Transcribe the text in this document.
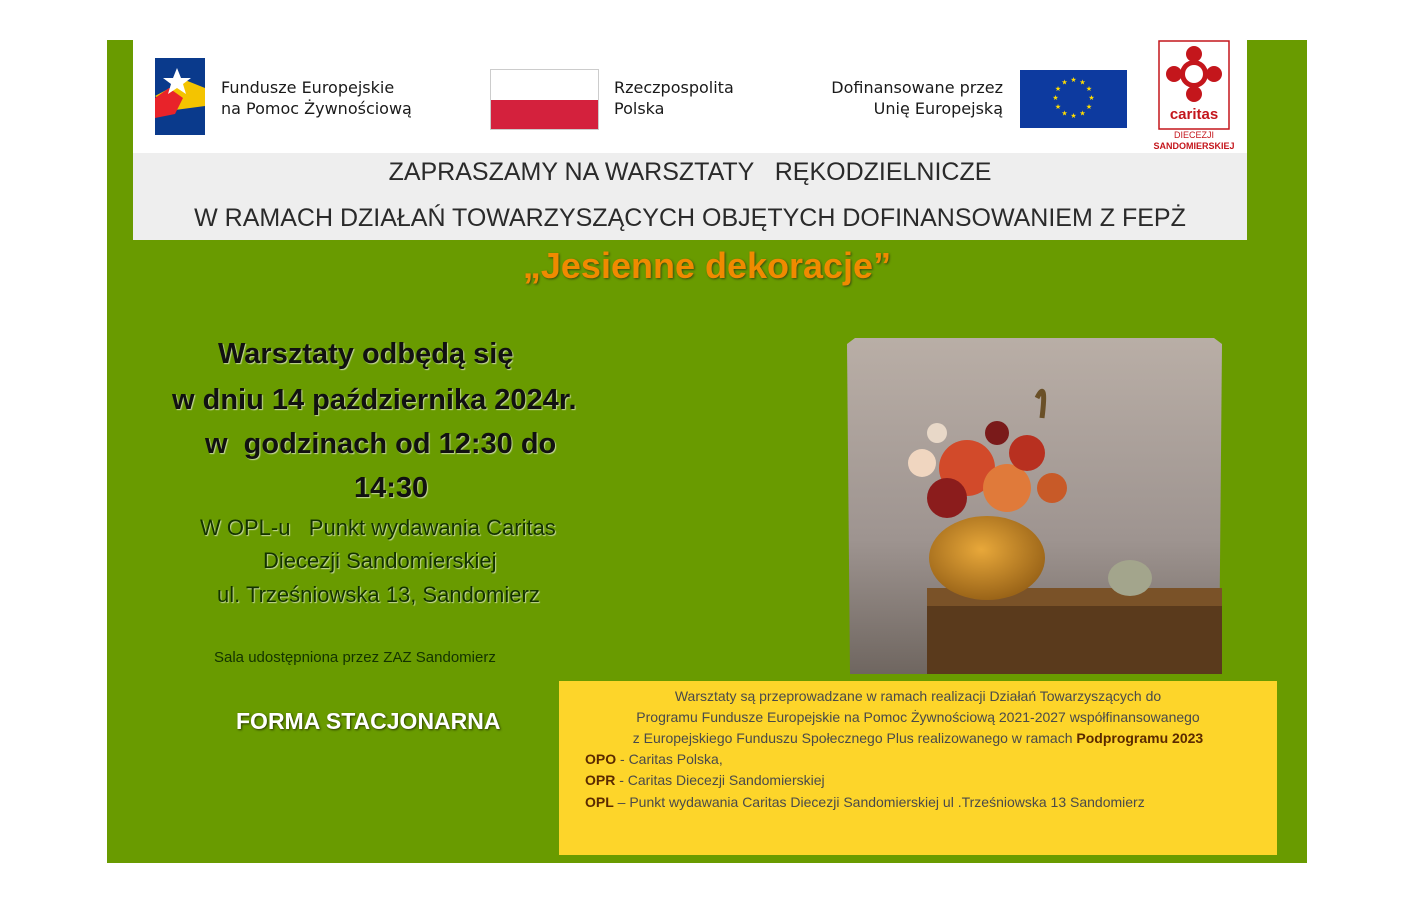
Fundusze Europejskie
na Pomoc Żywnościową
Rzeczpospolita
Polska
Dofinansowane przez
Unię Europejską
★ ★
★
★
★
★
★
★
★
★
★
★
caritas
DIECEZJI
SANDOMIERSKIEJ
ZAPRASZAMY NA WARSZTATY   RĘKODZIELNICZE
W RAMACH DZIAŁAŃ TOWARZYSZĄCYCH OBJĘTYCH DOFINANSOWANIEM Z FEPŻ
„Jesienne dekoracje”
Warsztaty odbędą się
w dniu 14 października 2024r.
w  godzinach od 12:30 do
14:30
W OPL-u   Punkt wydawania Caritas
Diecezji Sandomierskiej
ul. Trześniowska 13, Sandomierz
Sala udostępniona przez ZAZ Sandomierz
FORMA STACJONARNA
Warsztaty są przeprowadzane w ramach realizacji Działań Towarzyszących do
Programu Fundusze Europejskie na Pomoc Żywnościową 2021-2027 współfinansowanego
z Europejskiego Funduszu Społecznego Plus realizowanego w ramach Podprogramu 2023
OPO - Caritas Polska,
OPR - Caritas Diecezji Sandomierskiej
OPL – Punkt wydawania Caritas Diecezji Sandomierskiej ul .Trześniowska 13 Sandomierz
